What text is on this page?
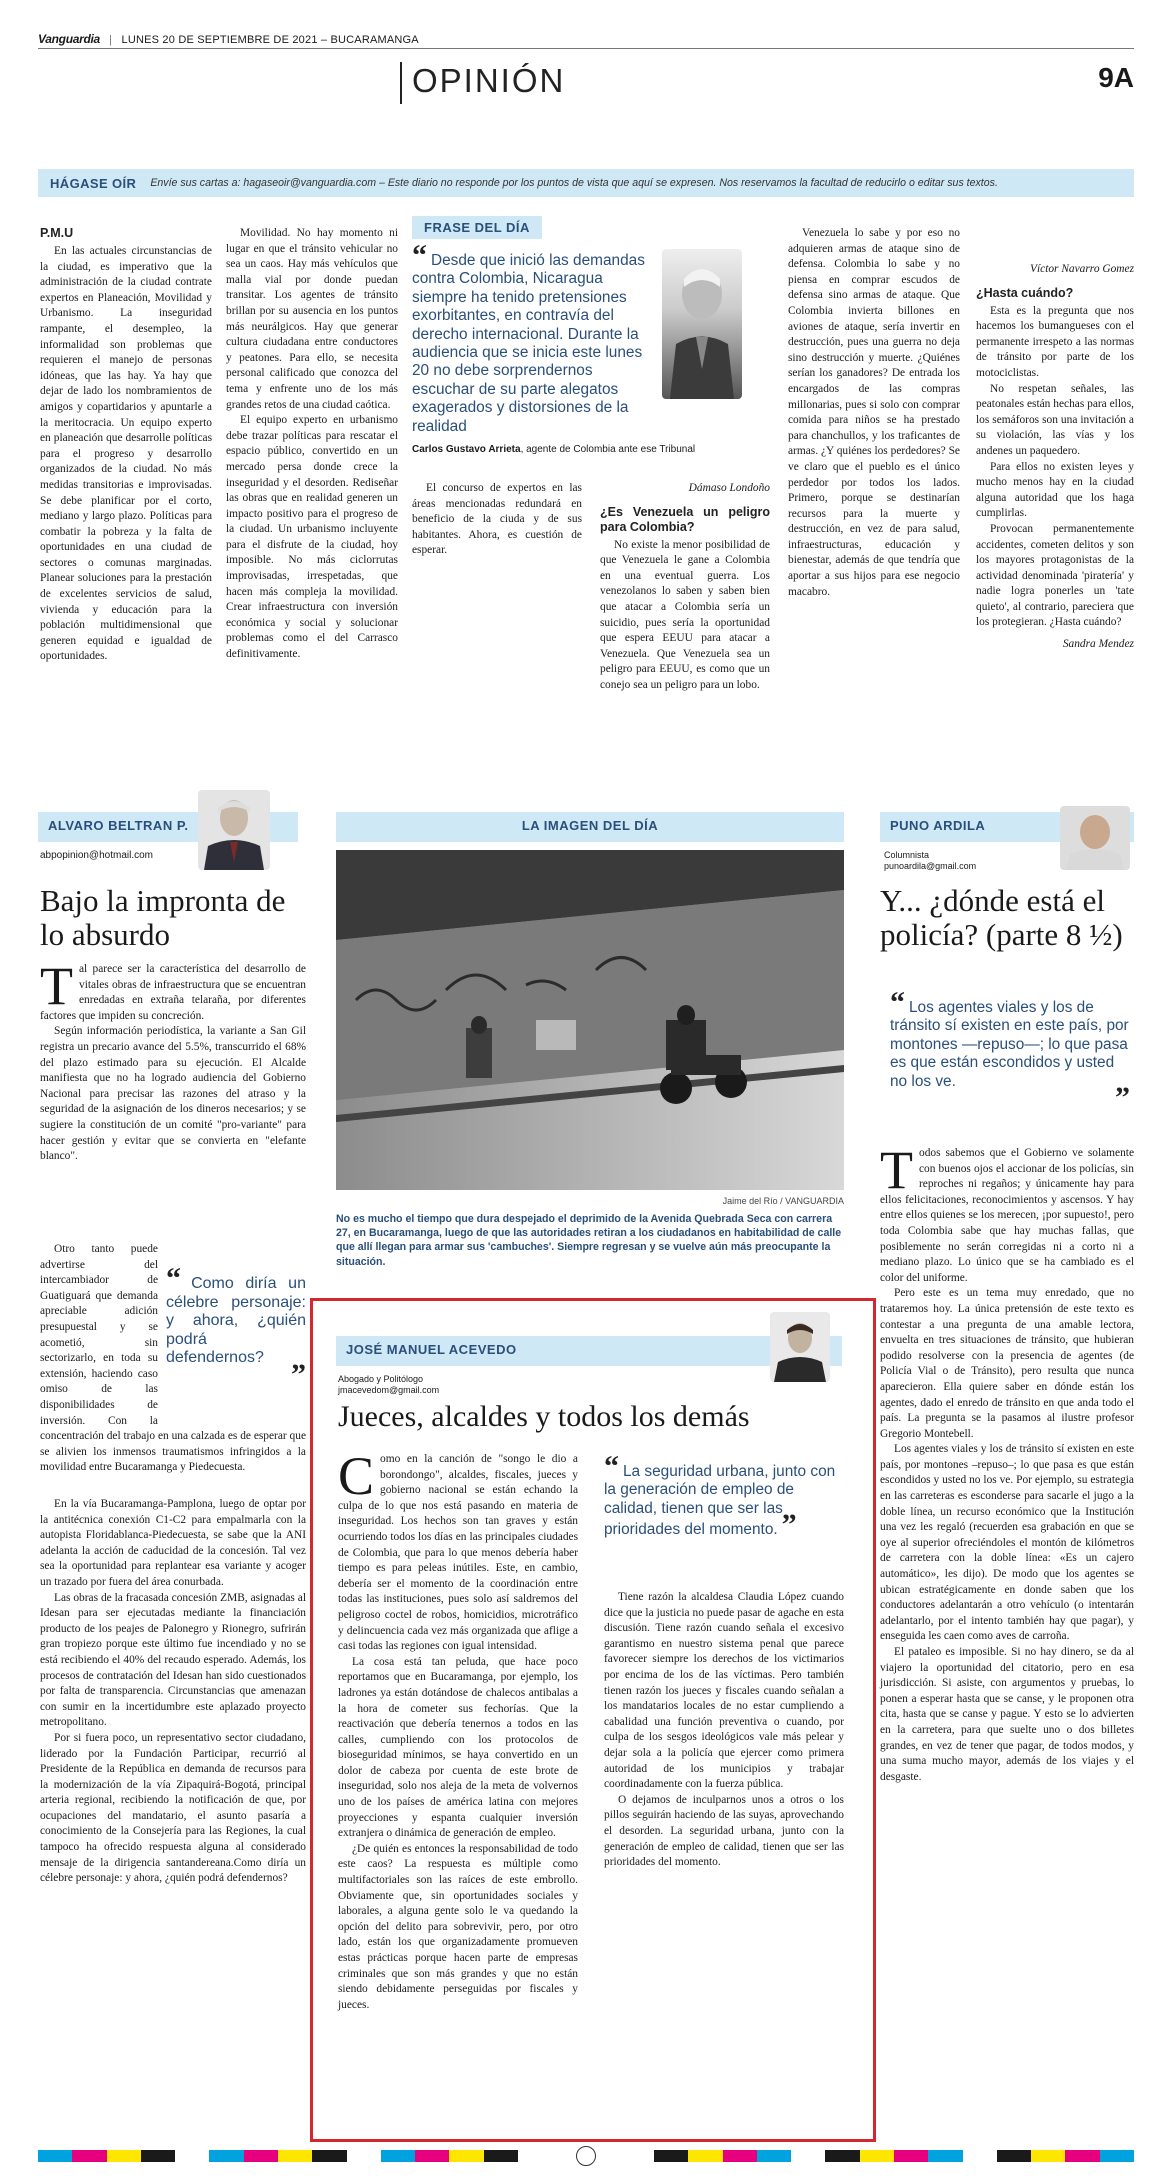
Vanguardia | LUNES 20 DE SEPTIEMBRE DE 2021 – BUCARAMANGA
OPINIÓN	9A
HÁGASE OÍR Envíe sus cartas a: hagaseoir@vanguardia.com – Este diario no responde por los puntos de vista que aquí se expresen. Nos reservamos la facultad de reducirlo o editar sus textos.
P.M.U

En las actuales circunstancias de la ciudad, es imperativo que la administración de la ciudad contrate expertos en Planeación, Movilidad y Urbanismo. La inseguridad rampante, el desempleo, la informalidad son problemas que requieren el manejo de personas idóneas, que las hay. Ya hay que dejar de lado los nombramientos de amigos y copartidarios y apuntarle a la meritocracia. Un equipo experto en planeación que desarrolle políticas para el progreso y desarrollo organizados de la ciudad. No más medidas transitorias e improvisadas. Se debe planificar por el corto, mediano y largo plazo. Políticas para combatir la pobreza y la falta de oportunidades en una ciudad de sectores o comunas marginadas. Planear soluciones para la prestación de excelentes servicios de salud, vivienda y educación para la población multidimensional que generen equidad e igualdad de oportunidades.

Movilidad. No hay momento ni lugar en que el tránsito vehicular no sea un caos. Hay más vehículos que malla vial por donde puedan transitar. Los agentes de tránsito brillan por su ausencia en los puntos más neurálgicos. Hay que generar cultura ciudadana entre conductores y peatones. Para ello, se necesita personal calificado que conozca del tema y enfrente uno de los más grandes retos de una ciudad caótica.

El equipo experto en urbanismo debe trazar políticas para rescatar el espacio público, convertido en un mercado persa donde crece la inseguridad y el desorden. Rediseñar las obras que en realidad generen un impacto positivo para el progreso de la ciudad. Un urbanismo incluyente para el disfrute de la ciudad, hoy imposible. No más ciclorrutas improvisadas, irrespetadas, que hacen más compleja la movilidad. Crear infraestructura con inversión económica y social y solucionar problemas como el del Carrasco definitivamente.

FRASE DEL DÍA
“ Desde que inició las demandas contra Colombia, Nicaragua siempre ha tenido pretensiones exorbitantes, en contravía del derecho internacional. Durante la audiencia que se inicia este lunes 20 no debe sorprendernos escuchar de su parte alegatos exagerados y distorsiones de la realidad
Carlos Gustavo Arrieta, agente de Colombia ante ese Tribunal

El concurso de expertos en las áreas mencionadas redundará en beneficio de la ciuda y de sus habitantes. Ahora, es cuestión de esperar.

Dámaso Londoño
¿Es Venezuela un peligro para Colombia?

No existe la menor posibilidad de que Venezuela le gane a Colombia en una eventual guerra. Los venezolanos lo saben y saben bien que atacar a Colombia sería un suicidio, pues sería la oportunidad que espera EEUU para atacar a Venezuela. Que Venezuela sea un peligro para EEUU, es como que un conejo sea un peligro para un lobo.

Venezuela lo sabe y por eso no adquieren armas de ataque sino de defensa. Colombia lo sabe y no piensa en comprar escudos de defensa sino armas de ataque. Que Colombia invierta billones en aviones de ataque, sería invertir en destrucción, pues una guerra no deja sino destrucción y muerte. ¿Quiénes serían los ganadores? De entrada los encargados de las compras millonarias, pues si solo con comprar comida para niños se ha prestado para chanchullos, y los traficantes de armas. ¿Y quiénes los perdedores? Se ve claro que el pueblo es el único perdedor por todos los lados. Primero, porque se destinarían recursos para la muerte y destrucción, en vez de para salud, infraestructuras, educación y bienestar, además de que tendría que aportar a sus hijos para ese negocio macabro.

Víctor Navarro Gomez
¿Hasta cuándo?

Esta es la pregunta que nos hacemos los bumangueses con el permanente irrespeto a las normas de tránsito por parte de los motociclistas.

No respetan señales, las peatonales están hechas para ellos, los semáforos son una invitación a su violación, las vías y los andenes un paquedero.

Para ellos no existen leyes y mucho menos hay en la ciudad alguna autoridad que los haga cumplirlas.

Provocan permanentemente accidentes, cometen delitos y son los mayores protagonistas de la actividad denominada 'piratería' y nadie logra ponerles un 'tate quieto', al contrario, pareciera que los protegieran. ¿Hasta cuándo?

Sandra Mendez
ALVARO BELTRAN P.
abpopinion@hotmail.com
Bajo la impronta de lo absurdo
T al parece ser la característica del desarrollo de vitales obras de infraestructura que se encuentran enredadas en extraña telaraña, por diferentes factores que impiden su concreción.

Según información periodística, la variante a San Gil registra un precario avance del 5.5%, transcurrido el 68% del plazo estimado para su ejecución. El Alcalde manifiesta que no ha logrado audiencia del Gobierno Nacional para precisar las razones del atraso y la seguridad de la asignación de los dineros necesarios; y se sugiere la constitución de un comité "pro-variante" para hacer gestión y evitar que se convierta en "elefante blanco".

“ Como diría un célebre personaje: y ahora, ¿quién podrá defendernos?
”

Otro tanto puede advertirse del intercambiador de Guatiguará que demanda apreciable adición presupuestal y se acometió, sin sectorizarlo, en toda su extensión, haciendo caso omiso de las disponibilidades de inversión. Con la concentración del trabajo en una calzada es de esperar que se alivien los inmensos traumatismos infringidos a la movilidad entre Bucaramanga y Piedecuesta.

En la vía Bucaramanga-Pamplona, luego de optar por la antitécnica conexión C1-C2 para empalmarla con la autopista Floridablanca-Piedecuesta, se sabe que la ANI adelanta la acción de caducidad de la concesión. Tal vez sea la oportunidad para replantear esa variante y acoger un trazado por fuera del área conurbada.

Las obras de la fracasada concesión ZMB, asignadas al Idesan para ser ejecutadas mediante la financiación producto de los peajes de Palonegro y Rionegro, sufrirán gran tropiezo porque este último fue incendiado y no se está recibiendo el 40% del recaudo esperado. Además, los procesos de contratación del Idesan han sido cuestionados por falta de transparencia. Circunstancias que amenazan con sumir en la incertidumbre este aplazado proyecto metropolitano.

Por si fuera poco, un representativo sector ciudadano, liderado por la Fundación Participar, recurrió al Presidente de la República en demanda de recursos para la modernización de la vía Zipaquirá-Bogotá, principal arteria regional, recibiendo la notificación de que, por ocupaciones del mandatario, el asunto pasaría a conocimiento de la Consejería para las Regiones, la cual tampoco ha ofrecido respuesta alguna al considerado mensaje de la dirigencia santandereana.Como diría un célebre personaje: y ahora, ¿quién podrá defendernos?

LA IMAGEN DEL DÍA
Jaime del Río / VANGUARDIA
No es mucho el tiempo que dura despejado el deprimido de la Avenida Quebrada Seca con carrera 27, en Bucaramanga, luego de que las autoridades retiran a los ciudadanos en habitabilidad de calle que allí llegan para armar sus 'cambuches'. Siempre regresan y se vuelve aún más preocupante la situación.
JOSÉ MANUEL ACEVEDO
Abogado y Politólogo
jmacevedom@gmail.com
Jueces, alcaldes y todos los demás
C omo en la canción de "songo le dio a borondongo", alcaldes, fiscales, jueces y gobierno nacional se están echando la culpa de lo que nos está pasando en materia de inseguridad. Los hechos son tan graves y están ocurriendo todos los días en las principales ciudades de Colombia, que para lo que menos debería haber tiempo es para peleas inútiles. Este, en cambio, debería ser el momento de la coordinación entre todas las instituciones, pues solo así saldremos del peligroso coctel de robos, homicidios, microtráfico y delincuencia cada vez más organizada que aflige a casi todas las regiones con igual intensidad.

La cosa está tan peluda, que hace poco reportamos que en Bucaramanga, por ejemplo, los ladrones ya están dotándose de chalecos antibalas a la hora de cometer sus fechorías. Que la reactivación que debería tenernos a todos en las calles, cumpliendo con los protocolos de bioseguridad mínimos, se haya convertido en un dolor de cabeza por cuenta de este brote de inseguridad, solo nos aleja de la meta de volvernos uno de los países de américa latina con mejores proyecciones y espanta cualquier inversión extranjera o dinámica de generación de empleo.

¿De quién es entonces la responsabilidad de todo este caos? La respuesta es múltiple como multifactoriales son las raíces de este embrollo. Obviamente que, sin oportunidades sociales y laborales, a alguna gente solo le va quedando la opción del delito para sobrevivir, pero, por otro lado, están los que organizadamente promueven estas prácticas porque hacen parte de empresas criminales que son más grandes y que no están siendo debidamente perseguidas por fiscales y jueces.

“ La seguridad urbana, junto con la generación de empleo de calidad, tienen que ser las prioridades del momento. ”

Tiene razón la alcaldesa Claudia López cuando dice que la justicia no puede pasar de agache en esta discusión. Tiene razón cuando señala el excesivo garantismo en nuestro sistema penal que parece favorecer siempre los derechos de los victimarios por encima de los de las víctimas. Pero también tienen razón los jueces y fiscales cuando señalan a los mandatarios locales de no estar cumpliendo a cabalidad una función preventiva o cuando, por culpa de los sesgos ideológicos vale más pelear y dejar sola a la policía que ejercer como primera autoridad de los municipios y trabajar coordinadamente con la fuerza pública.

O dejamos de inculparnos unos a otros o los pillos seguirán haciendo de las suyas, aprovechando el desorden. La seguridad urbana, junto con la generación de empleo de calidad, tienen que ser las prioridades del momento.

PUNO ARDILA
Columnista
punoardila@gmail.com
Y... ¿dónde está el policía? (parte 8 ½)
“ Los agentes viales y los de tránsito sí existen en este país, por montones —repuso—; lo que pasa es que están escondidos y usted no los ve.	”
T odos sabemos que el Gobierno ve solamente con buenos ojos el accionar de los policías, sin reproches ni regaños; y únicamente hay para ellos felicitaciones, reconocimientos y ascensos. Y hay entre ellos quienes se los merecen, ¡por supuesto!, pero toda Colombia sabe que hay muchas fallas, que posiblemente no serán corregidas ni a corto ni a mediano plazo. Lo único que se ha cambiado es el color del uniforme.

Pero este es un tema muy enredado, que no trataremos hoy. La única pretensión de este texto es contestar a una pregunta de una amable lectora, envuelta en tres situaciones de tránsito, que hubieran podido resolverse con la presencia de agentes (de Policía Vial o de Tránsito), pero resulta que nunca aparecieron. Ella quiere saber en dónde están los agentes, dado el enredo de tránsito en que anda todo el país. La pregunta se la pasamos al ilustre profesor Gregorio Montebell.

Los agentes viales y los de tránsito sí existen en este país, por montones –repuso–; lo que pasa es que están escondidos y usted no los ve. Por ejemplo, su estrategia en las carreteras es esconderse para sacarle el jugo a la doble línea, un recurso económico que la Institución una vez les regaló (recuerden esa grabación en que se oye al superior ofreciéndoles el montón de kilómetros de carretera con la doble línea: «Es un cajero automático», les dijo). De modo que los agentes se ubican estratégicamente en donde saben que los conductores adelantarán a otro vehículo (o intentarán adelantarlo, por el intento también hay que pagar), y enseguida les caen como aves de carroña.

El pataleo es imposible. Si no hay dinero, se da al viajero la oportunidad del citatorio, pero en esa jurisdicción. Si asiste, con argumentos y pruebas, lo ponen a esperar hasta que se canse, y le proponen otra cita, hasta que se canse y pague. Y esto se lo advierten en la carretera, para que suelte uno o dos billetes grandes, en vez de tener que pagar, de todos modos, y una suma mucho mayor, además de los viajes y el desgaste.
